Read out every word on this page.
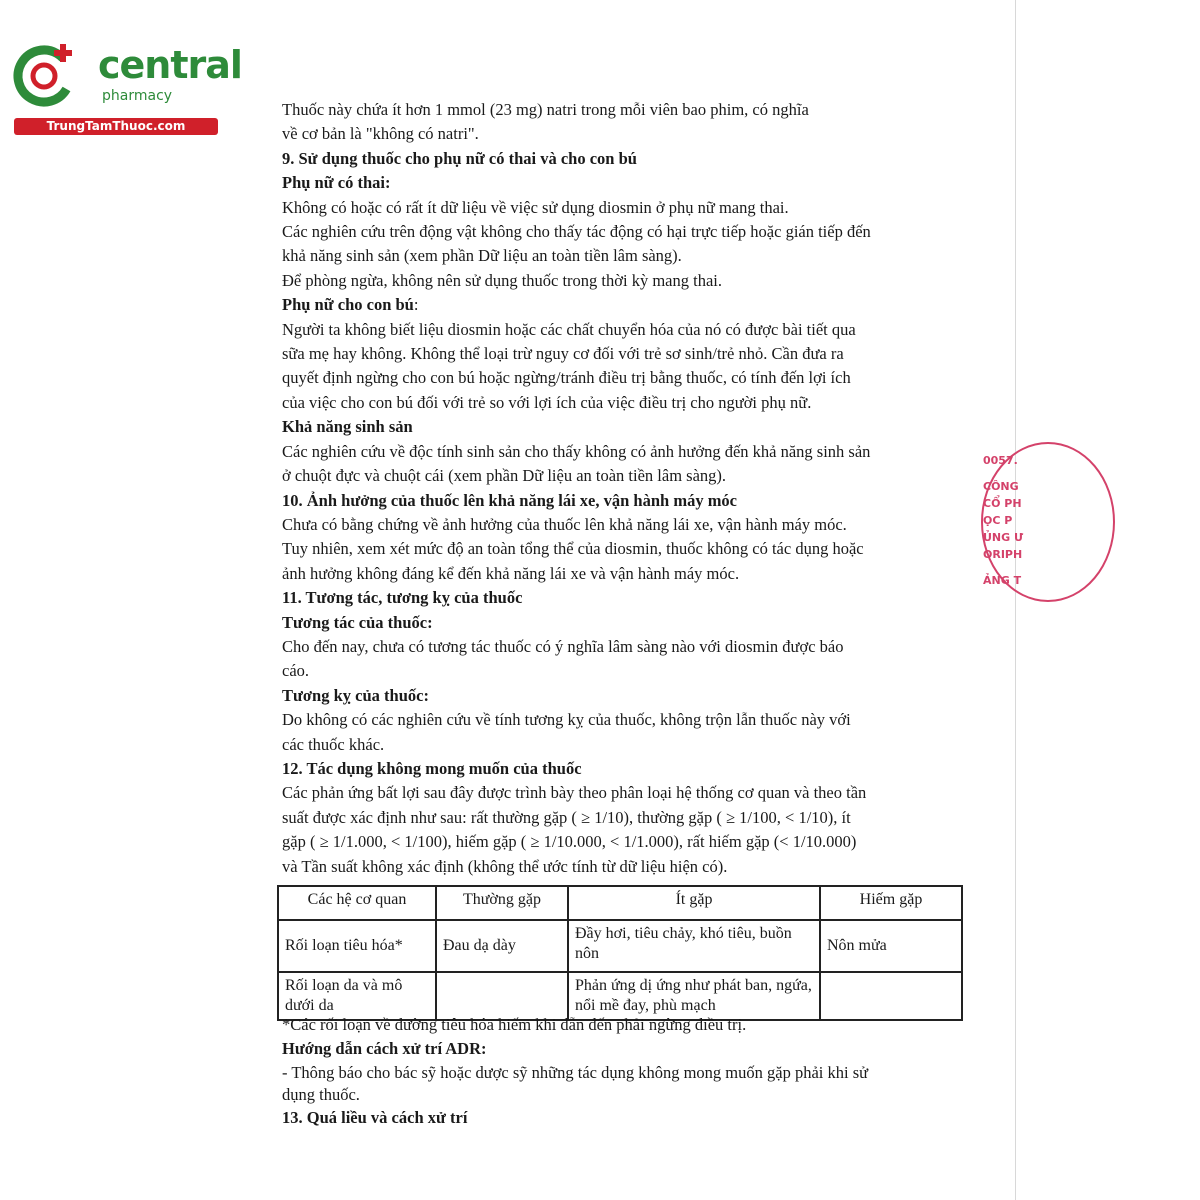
central
pharmacy
TrungTamThuoc.com
0057.
CÔNG
CỔ PH
ỌC P
ỦNG Ư
ORIPH
ẢNG T

Thuốc này chứa ít hơn 1 mmol (23 mg) natri trong mỗi viên bao phim, có nghĩa

về cơ bản là "không có natri".

9. Sử dụng thuốc cho phụ nữ có thai và cho con bú

Phụ nữ có thai:

Không có hoặc có rất ít dữ liệu về việc sử dụng diosmin ở phụ nữ mang thai.

Các nghiên cứu trên động vật không cho thấy tác động có hại trực tiếp hoặc gián tiếp đến

khả năng sinh sản (xem phần Dữ liệu an toàn tiền lâm sàng).

Để phòng ngừa, không nên sử dụng thuốc trong thời kỳ mang thai.

Phụ nữ cho con bú:

Người ta không biết liệu diosmin hoặc các chất chuyển hóa của nó có được bài tiết qua

sữa mẹ hay không. Không thể loại trừ nguy cơ đối với trẻ sơ sinh/trẻ nhỏ. Cần đưa ra

quyết định ngừng cho con bú hoặc ngừng/tránh điều trị bằng thuốc, có tính đến lợi ích

của việc cho con bú đối với trẻ so với lợi ích của việc điều trị cho người phụ nữ.

Khả năng sinh sản

Các nghiên cứu về độc tính sinh sản cho thấy không có ảnh hưởng đến khả năng sinh sản

ở chuột đực và chuột cái (xem phần Dữ liệu an toàn tiền lâm sàng).

10. Ảnh hưởng của thuốc lên khả năng lái xe, vận hành máy móc

Chưa có bằng chứng về ảnh hưởng của thuốc lên khả năng lái xe, vận hành máy móc.

Tuy nhiên, xem xét mức độ an toàn tổng thể của diosmin, thuốc không có tác dụng hoặc

ảnh hưởng không đáng kể đến khả năng lái xe và vận hành máy móc.

11. Tương tác, tương kỵ của thuốc

Tương tác của thuốc:

Cho đến nay, chưa có tương tác thuốc có ý nghĩa lâm sàng nào với diosmin được báo

cáo.

Tương kỵ của thuốc:

Do không có các nghiên cứu về tính tương kỵ của thuốc, không trộn lẫn thuốc này với

các thuốc khác.

12. Tác dụng không mong muốn của thuốc

Các phản ứng bất lợi sau đây được trình bày theo phân loại hệ thống cơ quan và theo tần

suất được xác định như sau: rất thường gặp ( ≥ 1/10), thường gặp ( ≥ 1/100, < 1/10), ít

gặp ( ≥ 1/1.000, < 1/100), hiếm gặp ( ≥ 1/10.000, < 1/1.000), rất hiếm gặp (< 1/10.000)

và Tần suất không xác định (không thể ước tính từ dữ liệu hiện có).

Các hệ cơ quan	Thường gặp	Ít gặp	Hiếm gặp
Rối loạn tiêu hóa*	Đau dạ dày	Đầy hơi, tiêu chảy, khó tiêu, buồn nôn	Nôn mửa
Rối loạn da và mô dưới da		Phản ứng dị ứng như phát ban, ngứa, nổi mề đay, phù mạch	

*Các rối loạn về đường tiêu hóa hiếm khi dẫn đến phải ngừng điều trị.

Hướng dẫn cách xử trí ADR:

- Thông báo cho bác sỹ hoặc dược sỹ những tác dụng không mong muốn gặp phải khi sử

dụng thuốc.

13. Quá liều và cách xử trí
